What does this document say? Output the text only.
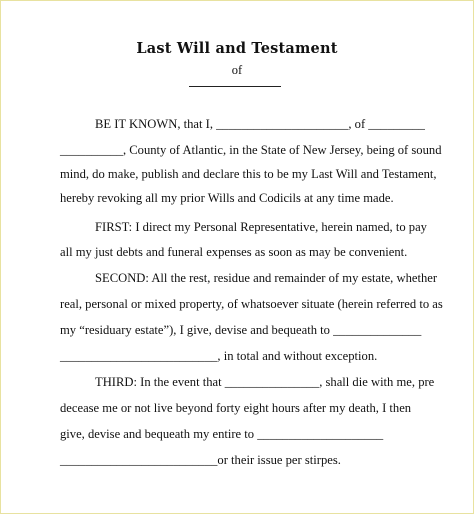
Last Will and Testament
of
BE IT KNOWN, that I, _____________________, of _________
__________, County of Atlantic, in the State of New Jersey, being of sound
mind, do make, publish and declare this to be my Last Will and Testament,
hereby revoking all my prior Wills and Codicils at any time made.
FIRST: I direct my Personal Representative, herein named, to pay
all my just debts and funeral expenses as soon as may be convenient.
SECOND: All the rest, residue and remainder of my estate, whether
real, personal or mixed property, of whatsoever situate (herein referred to as
my “residuary estate”), I give, devise and bequeath to ______________
_________________________, in total and without exception.
THIRD: In the event that _______________, shall die with me, pre
decease me or not live beyond forty eight hours after my death, I then
give, devise and bequeath my entire to ____________________
_________________________or their issue per stirpes.
